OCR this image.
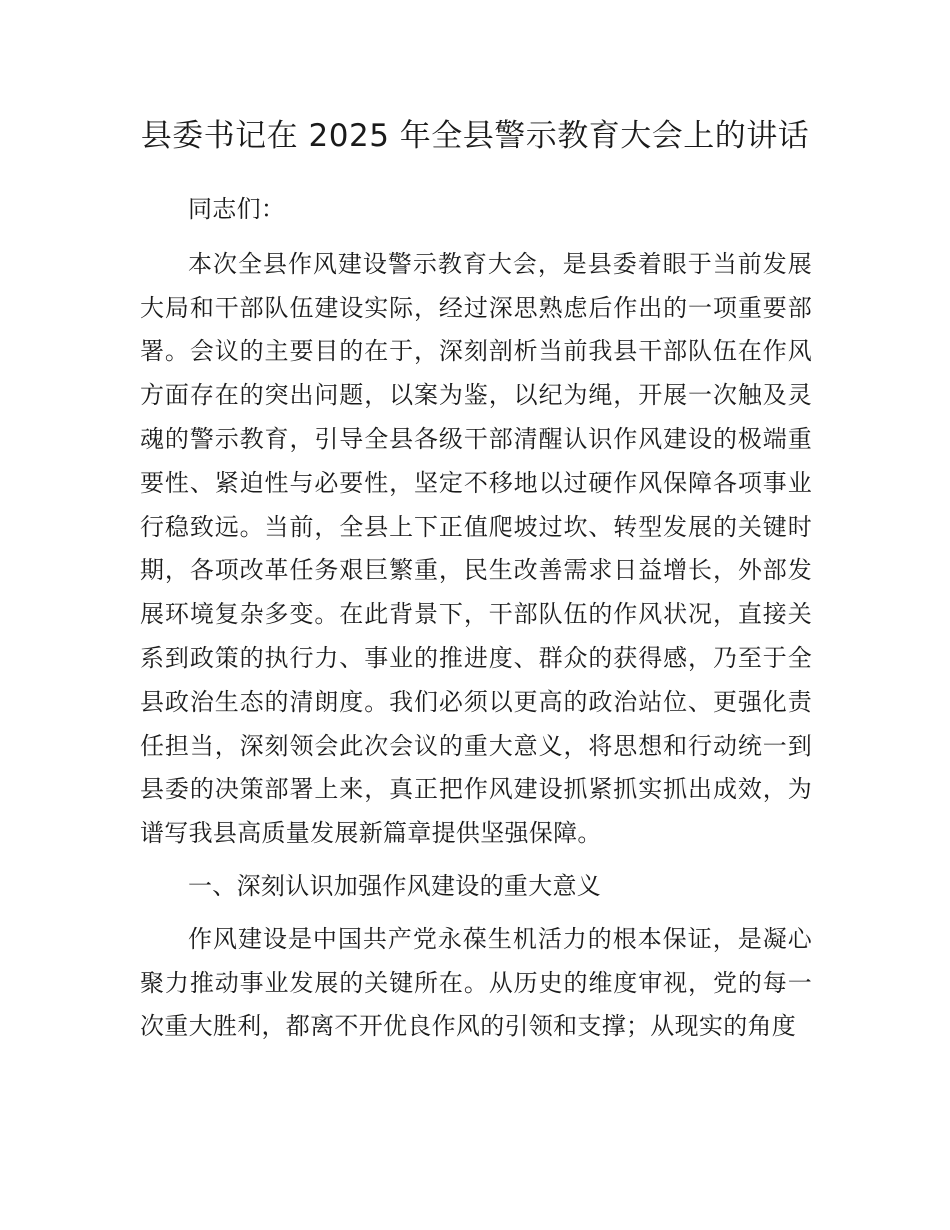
县委书记在 2025 年全县警示教育大会上的讲话

同志们：

本次全县作风建设警示教育大会，是县委着眼于当前发展大局和干部队伍建设实际，经过深思熟虑后作出的一项重要部署。会议的主要目的在于，深刻剖析当前我县干部队伍在作风方面存在的突出问题，以案为鉴，以纪为绳，开展一次触及灵魂的警示教育，引导全县各级干部清醒认识作风建设的极端重要性、紧迫性与必要性，坚定不移地以过硬作风保障各项事业行稳致远。当前，全县上下正值爬坡过坎、转型发展的关键时期，各项改革任务艰巨繁重，民生改善需求日益增长，外部发展环境复杂多变。在此背景下，干部队伍的作风状况，直接关系到政策的执行力、事业的推进度、群众的获得感，乃至于全县政治生态的清朗度。我们必须以更高的政治站位、更强化责任担当，深刻领会此次会议的重大意义，将思想和行动统一到县委的决策部署上来，真正把作风建设抓紧抓实抓出成效，为谱写我县高质量发展新篇章提供坚强保障。

一、深刻认识加强作风建设的重大意义

作风建设是中国共产党永葆生机活力的根本保证，是凝心聚力推动事业发展的关键所在。从历史的维度审视，党的每一次重大胜利，都离不开优良作风的引领和支撑；从现实的角度
